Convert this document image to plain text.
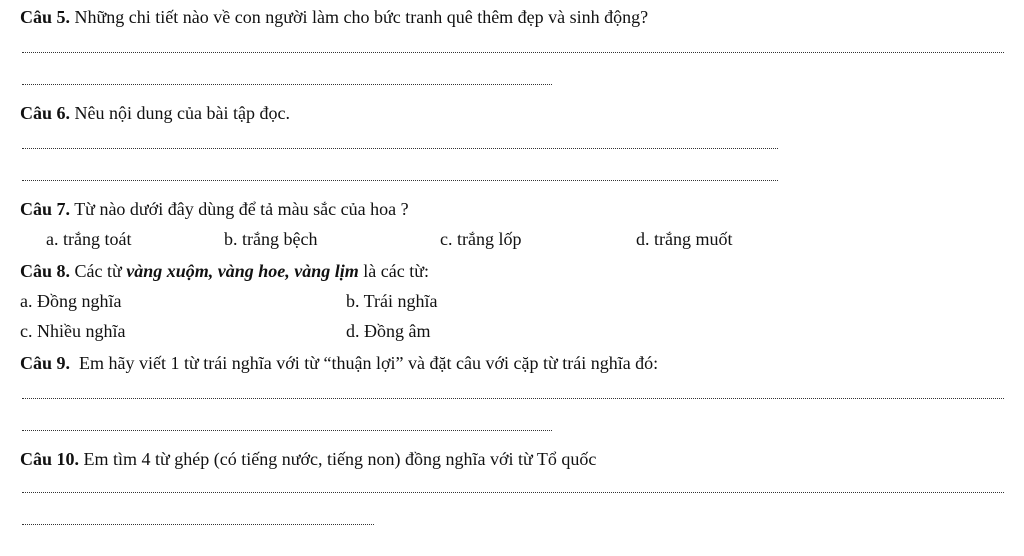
Câu 5. Những chi tiết nào về con người làm cho bức tranh quê thêm đẹp và sinh động?
Câu 6. Nêu nội dung của bài tập đọc.
Câu 7. Từ nào dưới đây dùng để tả màu sắc của hoa ?
a. trắng toát	b. trắng bệch	c. trắng lốp	d. trắng muốt
Câu 8. Các từ vàng xuộm, vàng hoe, vàng lịm là các từ:
a. Đồng nghĩa	b. Trái nghĩa
c. Nhiều nghĩa	d. Đồng âm
Câu 9.  Em hãy viết 1 từ trái nghĩa với từ “thuận lợi” và đặt câu với cặp từ trái nghĩa đó:
Câu 10. Em tìm 4 từ ghép (có tiếng nước, tiếng non) đồng nghĩa với từ Tổ quốc
